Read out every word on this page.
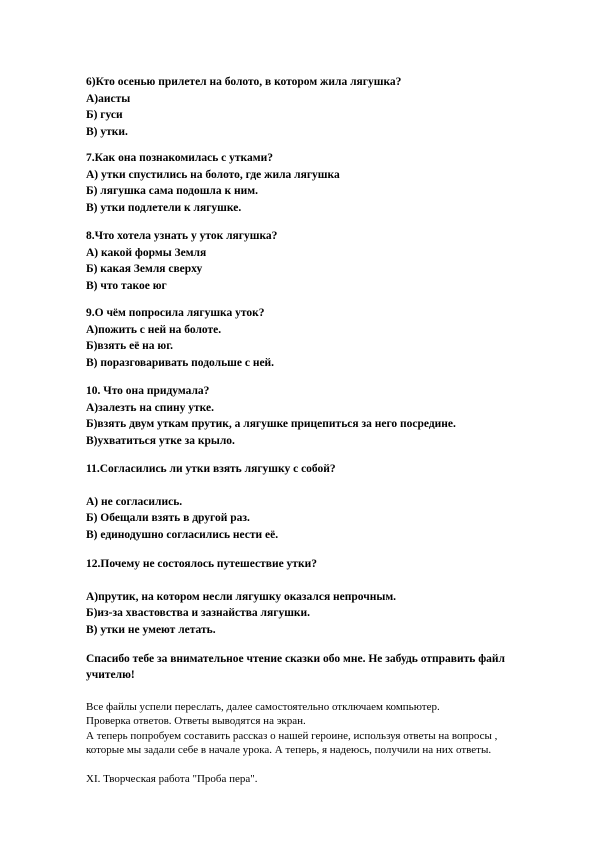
6)Кто осенью прилетел на болото, в котором жила лягушка?
А)аисты
Б) гуси
В) утки.
7.Как она познакомилась с утками?
А) утки спустились на болото, где жила лягушка
Б) лягушка сама подошла к ним.
В) утки подлетели к лягушке.
8.Что хотела узнать у уток лягушка?
А) какой формы Земля
Б) какая Земля сверху
В) что такое юг
9.О чём попросила лягушка уток?
А)пожить с ней на болоте.
Б)взять её на юг.
В) поразговаривать подольше с ней.
10. Что она придумала?
А)залезть на спину утке.
Б)взять двум уткам прутик, а лягушке прицепиться за него посредине.
В)ухватиться утке за крыло.
11.Согласились ли утки взять лягушку с собой?
А) не согласились.
Б) Обещали взять в другой раз.
В) единодушно согласились нести её.
12.Почему не состоялось путешествие утки?
А)прутик, на котором несли лягушку оказался непрочным.
Б)из-за хвастовства и зазнайства лягушки.
В) утки не умеют летать.
Спасибо тебе за внимательное чтение сказки обо мне. Не забудь отправить файл учителю!
Все файлы успели переслать, далее самостоятельно отключаем компьютер.
Проверка ответов. Ответы выводятся на экран.
А теперь попробуем составить рассказ о нашей героине, используя ответы на вопросы ,
которые мы задали себе в начале урока. А теперь, я надеюсь, получили на них ответы.
XI. Творческая работа "Проба пера".
